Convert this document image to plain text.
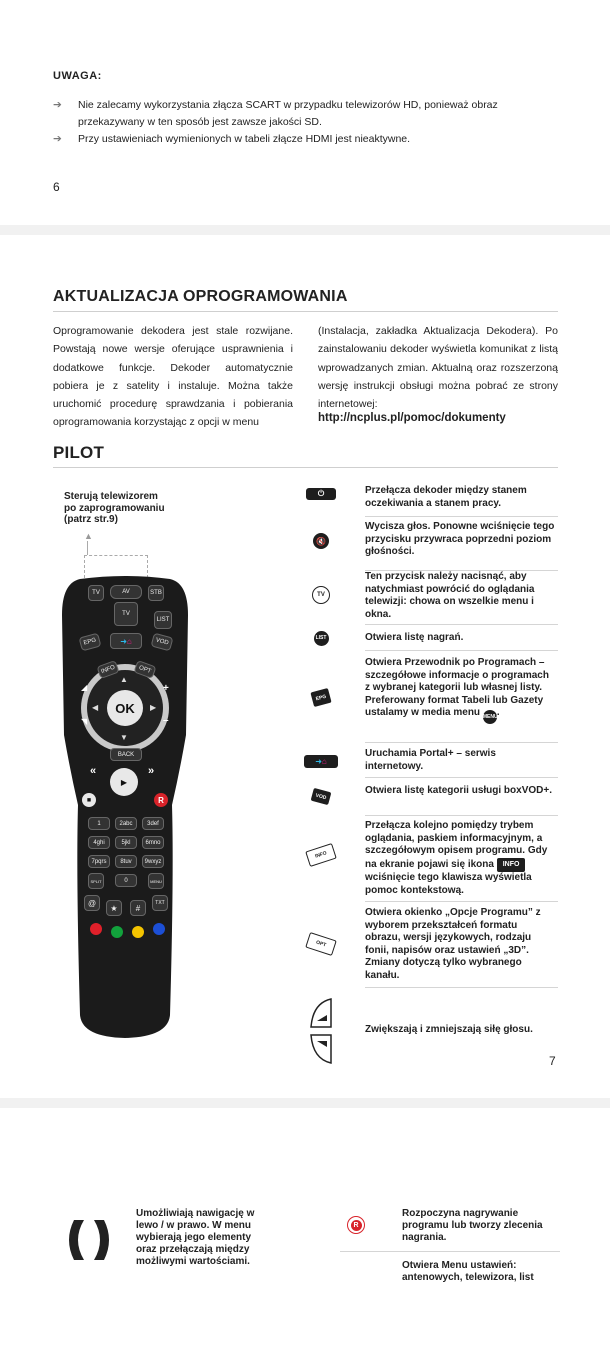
UWAGA:
➔ Nie zalecamy wykorzystania złącza SCART w przypadku telewizorów HD, ponieważ obraz przekazywany w ten sposób jest zawsze jakości SD.
➔ Przy ustawieniach wymienionych w tabeli złącze HDMI jest nieaktywne.
6
AKTUALIZACJA OPROGRAMOWANIA
Oprogramowanie dekodera jest stale rozwijane. Powstają nowe wersje oferujące usprawnienia i dodatkowe funkcje. Dekoder automatycznie pobiera je z satelity i instaluje. Można także uruchomić procedurę sprawdzania i pobierania oprogramowania korzystając z opcji w menu
(Instalacja, zakładka Aktualizacja Dekodera). Po zainstalowaniu dekoder wyświetla komunikat z listą wprowadzanych zmian. Aktualną oraz rozszerzoną wersję instrukcji obsługi można pobrać ze strony internetowej:
http://ncplus.pl/pomoc/dokumenty
PILOT
Sterują telewizorem
po zaprogramowaniu
(patrz str.9)
▲
TV	AV	STB
TV
LIST
EPG	➜ ⌂	VOD
INFO	OPT
◢	+
◥	–
▲
▼
◀	▶
OK
BACK
«	»
▶
■	R
1	2abc	3def
4ghi	5jkl	6mno
7pqrs	8tuv	9wxyz
SPLIT	0	MENU
@
★	#
TXT
⏻	Przełącza dekoder między stanem oczekiwania a stanem pracy.
🔇
Wycisza głos. Ponowne wciśnięcie tego przycisku przywraca poprzedni poziom głośności.
TV
Ten przycisk należy nacisnąć, aby natychmiast powrócić do oglądania telewizji: chowa on wszelkie menu i okna.
LIST	Otwiera listę nagrań.
EPG
Otwiera Przewodnik po Programach – szczegółowe informacje o programach z wybranej kategorii lub własnej listy. Preferowany format Tabeli lub Gazety ustalamy w media menu MENU.
➜ ⌂
Uruchamia Portal+ – serwis internetowy.
VOD	Otwiera listę kategorii usługi boxVOD+.
INFO
Przełącza kolejno pomiędzy trybem oglądania, paskiem informacyjnym, a szczegółowym opisem programu. Gdy na ekranie pojawi się ikona INFO wciśnięcie tego klawisza wyświetla pomoc kontekstową.
OPT
Otwiera okienko „Opcje Programu” z wyborem przekształceń formatu obrazu, wersji językowych, rodzaju fonii, napisów oraz ustawień „3D”. Zmiany dotyczą tylko wybranego kanału.
Zwiększają i zmniejszają siłę głosu.
7
Umożliwiają nawigację w lewo / w prawo. W menu wybierają jego elementy oraz przełączają między możliwymi wartościami.
R
Rozpoczyna nagrywanie programu lub tworzy zlecenia nagrania.
Otwiera Menu ustawień: antenowych, telewizora, list
